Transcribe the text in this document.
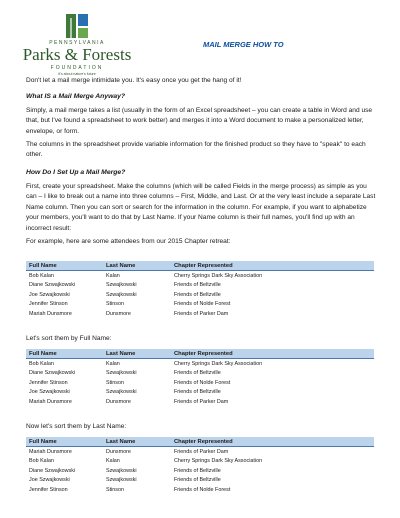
PENNSYLVANIA
Parks & Forests
FOUNDATION
It's about nature's future
MAIL MERGE HOW TO
Don't let a mail merge intimidate you. It's easy once you get the hang of it!
What IS a Mail Merge Anyway?
Simply, a mail merge takes a list (usually in the form of an Excel spreadsheet – you can create a table in Word and use that, but I've found a spreadsheet to work better) and merges it into a Word document to make a personalized letter, envelope, or form.
The columns in the spreadsheet provide variable information for the finished product so they have to "speak" to each other.
How Do I Set Up a Mail Merge?
First, create your spreadsheet. Make the columns (which will be called Fields in the merge process) as simple as you can – I like to break out a name into three columns – First, Middle, and Last. Or at the very least include a separate Last Name column. Then you can sort or search for the information in the column. For example, if you want to alphabetize your members, you'll want to do that by Last Name. If your Name column is their full names, you'll find up with an incorrect result:
For example, here are some attendees from our 2015 Chapter retreat:
Full Name	Last Name	Chapter Represented
Bob Kalan	Kalan	Cherry Springs Dark Sky Association
Diane Szwajkowski	Szwajkowski	Friends of Beltzville
Joe Szwajkowski	Szwajkowski	Friends of Beltzville
Jennifer Stinson	Stinson	Friends of Nolde Forest
Mariah Dunsmore	Dunsmore	Friends of Parker Dam
Let's sort them by Full Name:
Full Name	Last Name	Chapter Represented
Bob Kalan	Kalan	Cherry Springs Dark Sky Association
Diane Szwajkowski	Szwajkowski	Friends of Beltzville
Jennifer Stinson	Stinson	Friends of Nolde Forest
Joe Szwajkowski	Szwajkowski	Friends of Beltzville
Mariah Dunsmore	Dunsmore	Friends of Parker Dam
Now let's sort them by Last Name:
Full Name	Last Name	Chapter Represented
Mariah Dunsmore	Dunsmore	Friends of Parker Dam
Bob Kalan	Kalan	Cherry Springs Dark Sky Association
Diane Szwajkowski	Szwajkowski	Friends of Beltzville
Joe Szwajkowski	Szwajkowski	Friends of Beltzville
Jennifer Stinson	Stinson	Friends of Nolde Forest
